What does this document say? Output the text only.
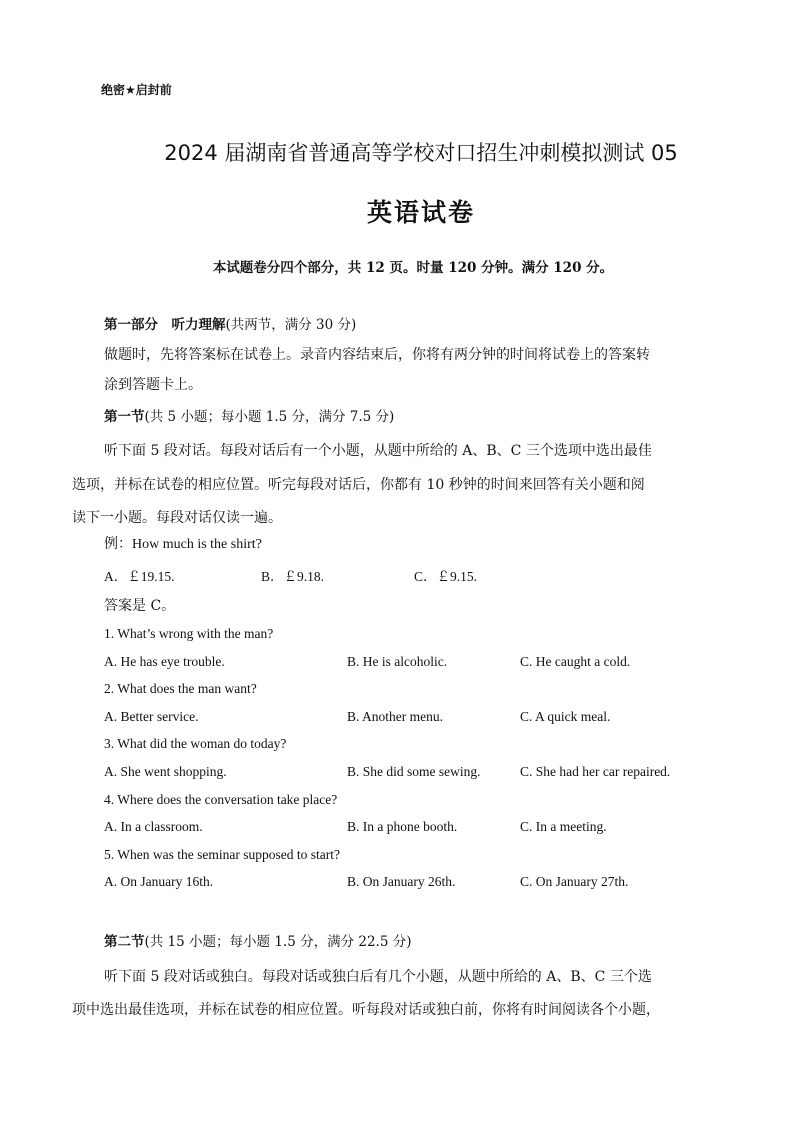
绝密★启封前
2024 届湖南省普通高等学校对口招生冲刺模拟测试 05
英语试卷
本试题卷分四个部分，共 12 页。时量 120 分钟。满分 120 分。
第一部分　听力理解(共两节，满分 30 分)
做题时，先将答案标在试卷上。录音内容结束后，你将有两分钟的时间将试卷上的答案转
涂到答题卡上。
第一节(共 5 小题；每小题 1.5 分，满分 7.5 分)
听下面 5 段对话。每段对话后有一个小题，从题中所给的 A、B、C 三个选项中选出最佳
选项，并标在试卷的相应位置。听完每段对话后，你都有 10 秒钟的时间来回答有关小题和阅
读下一小题。每段对话仅读一遍。
例：How much is the shirt?
A．￡19.15.	B．￡9.18.	C．￡9.15.
答案是 C。
1. What’s wrong with the man?
A. He has eye trouble.	B. He is alcoholic.	C. He caught a cold.
2. What does the man want?
A. Better service.	B. Another menu.	C. A quick meal.
3. What did the woman do today?
A. She went shopping.	B. She did some sewing.	C. She had her car repaired.
4. Where does the conversation take place?
A. In a classroom.	B. In a phone booth.	C. In a meeting.
5. When was the seminar supposed to start?
A. On January 16th.	B. On January 26th.	C. On January 27th.
第二节(共 15 小题；每小题 1.5 分，满分 22.5 分)
听下面 5 段对话或独白。每段对话或独白后有几个小题，从题中所给的 A、B、C 三个选
项中选出最佳选项，并标在试卷的相应位置。听每段对话或独白前，你将有时间阅读各个小题，
